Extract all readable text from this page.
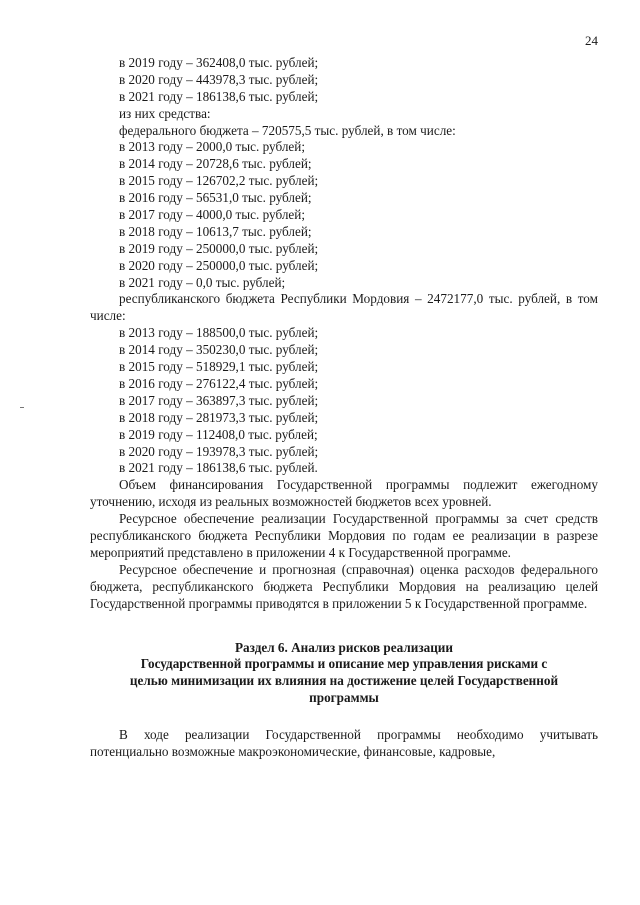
24
в 2019 году – 362408,0 тыс. рублей;
в 2020 году – 443978,3 тыс. рублей;
в 2021 году – 186138,6 тыс. рублей;
из них средства:
федерального бюджета – 720575,5 тыс. рублей, в том числе:
в 2013 году – 2000,0 тыс. рублей;
в 2014 году – 20728,6 тыс. рублей;
в 2015 году – 126702,2 тыс. рублей;
в 2016 году – 56531,0 тыс. рублей;
в 2017 году – 4000,0 тыс. рублей;
в 2018 году – 10613,7 тыс. рублей;
в 2019 году – 250000,0 тыс. рублей;
в 2020 году – 250000,0 тыс. рублей;
в 2021 году – 0,0 тыс. рублей;

республиканского бюджета Республики Мордовия – 2472177,0 тыс. рублей, в том числе:

в 2013 году – 188500,0 тыс. рублей;
в 2014 году – 350230,0 тыс. рублей;
в 2015 году – 518929,1 тыс. рублей;
в 2016 году – 276122,4 тыс. рублей;
в 2017 году – 363897,3 тыс. рублей;
в 2018 году – 281973,3 тыс. рублей;
в 2019 году – 112408,0 тыс. рублей;
в 2020 году – 193978,3 тыс. рублей;
в 2021 году – 186138,6 тыс. рублей.

Объем финансирования Государственной программы подлежит ежегодному уточнению, исходя из реальных возможностей бюджетов всех уровней.

Ресурсное обеспечение реализации Государственной программы за счет средств республиканского бюджета Республики Мордовия по годам ее реализации в разрезе мероприятий представлено в приложении 4 к Государственной программе.

Ресурсное обеспечение и прогнозная (справочная) оценка расходов федерального бюджета, республиканского бюджета Республики Мордовия на реализацию целей Государственной программы приводятся в приложении 5 к Государственной программе.

Раздел 6. Анализ рисков реализации
Государственной программы и описание мер управления рисками с
целью минимизации их влияния на достижение целей Государственной
программы

В ходе реализации Государственной программы необходимо учитывать потенциально возможные макроэкономические, финансовые, кадровые,
